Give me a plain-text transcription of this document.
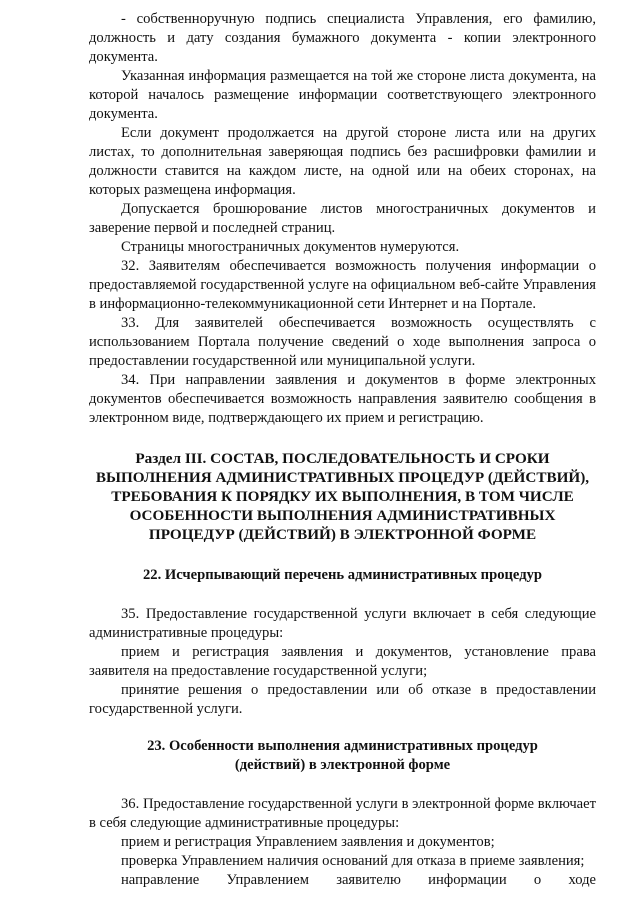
- собственноручную подпись специалиста Управления, его фамилию, должность и дату создания бумажного документа - копии электронного документа.

Указанная информация размещается на той же стороне листа документа, на которой началось размещение информации соответствующего электронного документа.

Если документ продолжается на другой стороне листа или на других листах, то дополнительная заверяющая подпись без расшифровки фамилии и должности ставится на каждом листе, на одной или на обеих сторонах, на которых размещена информация.

Допускается брошюрование листов многостраничных документов и заверение первой и последней страниц.

Страницы многостраничных документов нумеруются.

32. Заявителям обеспечивается возможность получения информации о предоставляемой государственной услуге на официальном веб-сайте Управления в информационно-телекоммуникационной сети Интернет и на Портале.

33. Для заявителей обеспечивается возможность осуществлять с использованием Портала получение сведений о ходе выполнения запроса о предоставлении государственной или муниципальной услуги.

34. При направлении заявления и документов в форме электронных документов обеспечивается возможность направления заявителю сообщения в электронном виде, подтверждающего их прием и регистрацию.

Раздел III. СОСТАВ, ПОСЛЕДОВАТЕЛЬНОСТЬ И СРОКИ
ВЫПОЛНЕНИЯ АДМИНИСТРАТИВНЫХ ПРОЦЕДУР (ДЕЙСТВИЙ),
ТРЕБОВАНИЯ К ПОРЯДКУ ИХ ВЫПОЛНЕНИЯ, В ТОМ ЧИСЛЕ
ОСОБЕННОСТИ ВЫПОЛНЕНИЯ АДМИНИСТРАТИВНЫХ
ПРОЦЕДУР (ДЕЙСТВИЙ) В ЭЛЕКТРОННОЙ ФОРМЕ
22. Исчерпывающий перечень административных процедур

35. Предоставление государственной услуги включает в себя следующие административные процедуры:

прием и регистрация заявления и документов, установление права заявителя на предоставление государственной услуги;

принятие решения о предоставлении или об отказе в предоставлении государственной услуги.

23. Особенности выполнения административных процедур
(действий) в электронной форме

36. Предоставление государственной услуги в электронной форме включает в себя следующие административные процедуры:

прием и регистрация Управлением заявления и документов;

проверка Управлением наличия оснований для отказа в приеме заявления;

направление Управлением заявителю информации о ходе
